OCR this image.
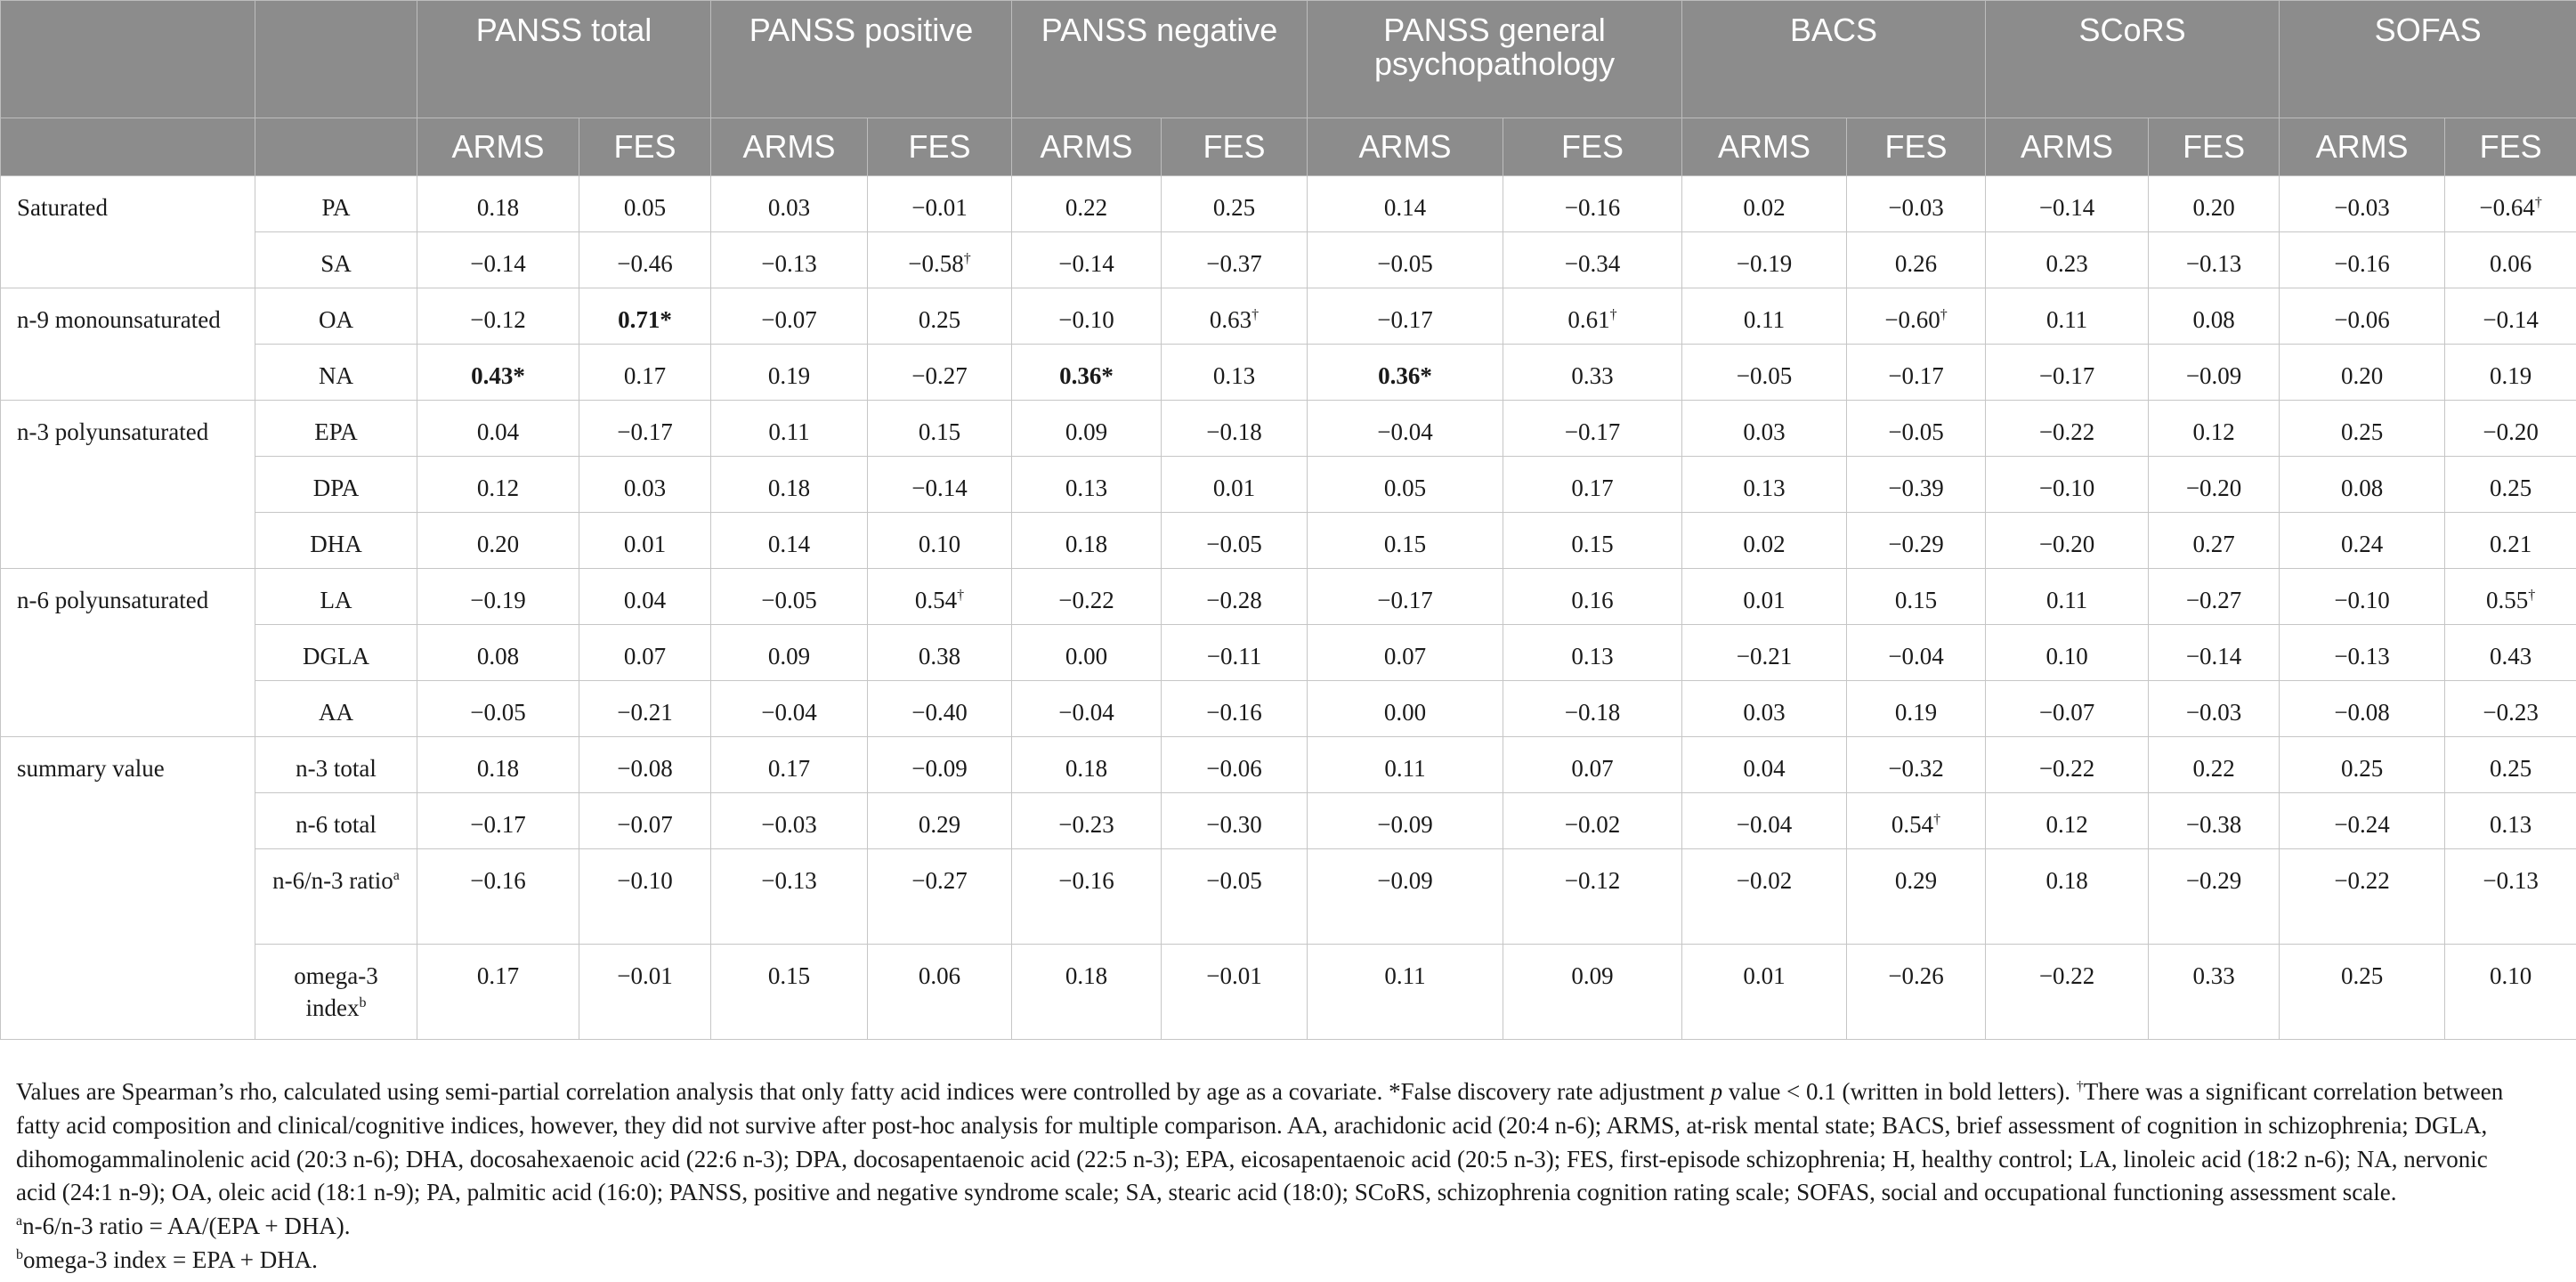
		PANSS total		PANSS positive		PANSS negative		PANSS general psychopathology		BACS		SCoRS		SOFAS	
		ARMS	FES	ARMS	FES	ARMS	FES	ARMS	FES	ARMS	FES	ARMS	FES	ARMS	FES
Saturated	PA	0.18	0.05	0.03	−0.01	0.22	0.25	0.14	−0.16	0.02	−0.03	−0.14	0.20	−0.03	−0.64†
	SA	−0.14	−0.46	−0.13	−0.58†	−0.14	−0.37	−0.05	−0.34	−0.19	0.26	0.23	−0.13	−0.16	0.06
n-9 monounsaturated	OA	−0.12	0.71*	−0.07	0.25	−0.10	0.63†	−0.17	0.61†	0.11	−0.60†	0.11	0.08	−0.06	−0.14
	NA	0.43*	0.17	0.19	−0.27	0.36*	0.13	0.36*	0.33	−0.05	−0.17	−0.17	−0.09	0.20	0.19
n-3 polyunsaturated	EPA	0.04	−0.17	0.11	0.15	0.09	−0.18	−0.04	−0.17	0.03	−0.05	−0.22	0.12	0.25	−0.20
	DPA	0.12	0.03	0.18	−0.14	0.13	0.01	0.05	0.17	0.13	−0.39	−0.10	−0.20	0.08	0.25
	DHA	0.20	0.01	0.14	0.10	0.18	−0.05	0.15	0.15	0.02	−0.29	−0.20	0.27	0.24	0.21
n-6 polyunsaturated	LA	−0.19	0.04	−0.05	0.54†	−0.22	−0.28	−0.17	0.16	0.01	0.15	0.11	−0.27	−0.10	0.55†
	DGLA	0.08	0.07	0.09	0.38	0.00	−0.11	0.07	0.13	−0.21	−0.04	0.10	−0.14	−0.13	0.43
	AA	−0.05	−0.21	−0.04	−0.40	−0.04	−0.16	0.00	−0.18	0.03	0.19	−0.07	−0.03	−0.08	−0.23
summary value	n-3 total	0.18	−0.08	0.17	−0.09	0.18	−0.06	0.11	0.07	0.04	−0.32	−0.22	0.22	0.25	0.25
	n-6 total	−0.17	−0.07	−0.03	0.29	−0.23	−0.30	−0.09	−0.02	−0.04	0.54†	0.12	−0.38	−0.24	0.13
	n-6/n-3 ratio$^a$	−0.16	−0.10	−0.13	−0.27	−0.16	−0.05	−0.09	−0.12	−0.02	0.29	0.18	−0.29	−0.22	−0.13
	omega-3 index$^b$	0.17	−0.01	0.15	0.06	0.18	−0.01	0.11	0.09	0.01	−0.26	−0.22	0.33	0.25	0.10

Values are Spearman’s rho, calculated using semi-partial correlation analysis that only fatty acid indices were controlled by age as a covariate. *False discovery rate adjustment p value < 0.1 (written in bold letters). †There was a significant correlation between fatty acid composition and clinical/cognitive indices, however, they did not survive after post-hoc analysis for multiple comparison. AA, arachidonic acid (20:4 n-6); ARMS, at-risk mental state; BACS, brief assessment of cognition in schizophrenia; DGLA, dihomogammalinolenic acid (20:3 n-6); DHA, docosahexaenoic acid (22:6 n-3); DPA, docosapentaenoic acid (22:5 n-3); EPA, eicosapentaenoic acid (20:5 n-3); FES, first-episode schizophrenia; H, healthy control; LA, linoleic acid (18:2 n-6); NA, nervonic acid (24:1 n-9); OA, oleic acid (18:1 n-9); PA, palmitic acid (16:0); PANSS, positive and negative syndrome scale; SA, stearic acid (18:0); SCoRS, schizophrenia cognition rating scale; SOFAS, social and occupational functioning assessment scale.

$^a$n-6/n-3 ratio = AA/(EPA + DHA).

$^b$omega-3 index = EPA + DHA.
